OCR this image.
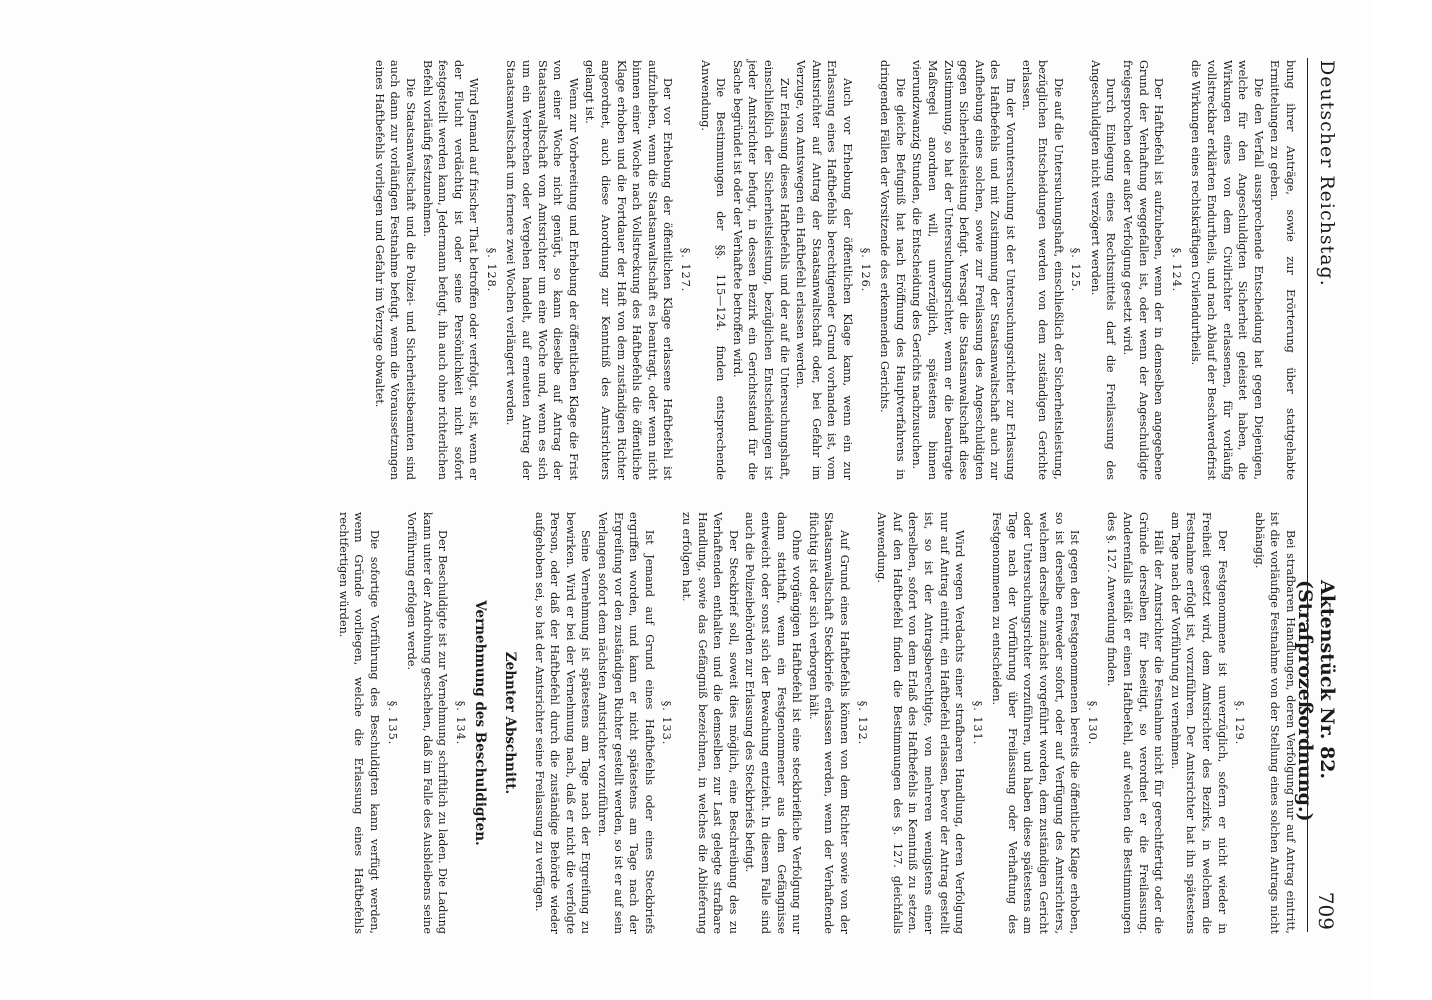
Deutscher Reichstag.
Aktenstück Nr. 82. (Strafprozeßordnung.)
709

bung ihrer Anträge, sowie zur Erörterung über stattgehabte Ermittelungen zu geben.

Die den Verfall aussprechende Entscheidung hat gegen Diejenigen, welche für den Angeschuldigten Sicherheit geleistet haben, die Wirkungen eines von dem Civilrichter erlassenen, für vorläufig vollstreckbar erklärten Endurtheils, und nach Ablauf der Beschwerdefrist die Wirkungen eines rechtskräftigen Civilendurtheils.

§. 124.

Der Haftbefehl ist aufzuheben, wenn der in demselben angegebene Grund der Verhaftung weggefallen ist, oder wenn der Angeschuldigte freigesprochen oder außer Verfolgung gesetzt wird.

Durch Einlegung eines Rechtsmittels darf die Freilassung des Angeschuldigten nicht verzögert werden.

§. 125.

Die auf die Untersuchungshaft, einschließlich der Sicherheitsleistung, bezüglichen Entscheidungen werden von dem zuständigen Gerichte erlassen.

Im der Voruntersuchung ist der Untersuchungsrichter zur Erlassung des Haftbefehls und mit Zustimmung der Staatsanwaltschaft auch zur Aufhebung eines solchen, sowie zur Freilassung des Angeschuldigten gegen Sicherheitsleistung befugt. Versagt die Staatsanwaltschaft diese Zustimmung, so hat der Untersuchungsrichter, wenn er die beantragte Maßregel anordnen will, unverzüglich, spätestens binnen vierundzwanzig Stunden, die Entscheidung des Gerichts nachzusuchen.

Die gleiche Befugniß hat nach Eröffnung des Hauptverfahrens in dringenden Fällen der Vorsitzende des erkennenden Gerichts.

§. 126.

Auch vor Erhebung der öffentlichen Klage kann, wenn ein zur Erlassung eines Haftbefehls berechtigender Grund vorhanden ist, vom Amtsrichter auf Antrag der Staatsanwaltschaft oder, bei Gefahr im Verzuge, von Amtswegen ein Haftbefehl erlassen werden.

Zur Erlassung dieses Haftbefehls und der auf die Untersuchungshaft, einschließlich der Sicherheitsleistung, bezüglichen Entscheidungen ist jeder Amtsrichter befugt, in dessen Bezirk ein Gerichtsstand für die Sache begründet ist oder der Verhaftete betroffen wird.

Die Bestimmungen der §§. 115—124. finden entsprechende Anwendung.

§. 127.

Der vor Erhebung der öffentlichen Klage erlassene Haftbefehl ist aufzuheben, wenn die Staatsanwaltschaft es beantragt, oder wenn nicht binnen einer Woche nach Vollstreckung des Haftbefehls die öffentliche Klage erhoben und die Fortdauer der Haft von dem zuständigen Richter angeordnet, auch diese Anordnung zur Kenntniß des Amtsrichters gelangt ist.

Wenn zur Vorbereitung und Erhebung der öffentlichen Klage die Frist von einer Woche nicht genügt, so kann dieselbe auf Antrag der Staatsanwaltschaft vom Amtsrichter um eine Woche und, wenn es sich um ein Verbrechen oder Vergehen handelt, auf erneuten Antrag der Staatsanwaltschaft um fernere zwei Wochen verlängert werden.

§. 128.

Wird Jemand auf frischer That betroffen oder verfolgt, so ist, wenn er der Flucht verdächtig ist oder seine Persönlichkeit nicht sofort festgestellt werden kann, Jedermann befugt, ihn auch ohne richterlichen Befehl vorläufig festzunehmen.

Die Staatsanwaltschaft und die Polizei- und Sicherheitsbeamten sind auch dann zur vorläufigen Festnahme befugt, wenn die Voraussetzungen eines Haftbefehls vorliegen und Gefahr im Verzuge obwaltet.

Bei strafbaren Handlungen, deren Verfolgung nur auf Antrag eintritt, ist die vorläufige Festnahme von der Stellung eines solchen Antrags nicht abhängig.

§. 129.

Der Festgenommene ist unverzüglich, sofern er nicht wieder in Freiheit gesetzt wird, dem Amtsrichter des Bezirks, in welchem die Festnahme erfolgt ist, vorzuführen. Der Amtsrichter hat ihn spätestens am Tage nach der Vorführung zu vernehmen.

Hält der Amtsrichter die Festnahme nicht für gerechtfertigt oder die Gründe derselben für beseitigt, so verordnet er die Freilassung. Anderenfalls erläßt er einen Haftbefehl, auf welchen die Bestimmungen des §. 127. Anwendung finden.

§. 130.

Ist gegen den Festgenommenen bereits die öffentliche Klage erhoben, so ist derselbe entweder sofort, oder auf Verfügung des Amtsrichters, welchem derselbe zunächst vorgeführt worden, dem zuständigen Gericht oder Untersuchungsrichter vorzuführen, und haben diese spätestens am Tage nach der Vorführung über Freilassung oder Verhaftung des Festgenommenen zu entscheiden.

§. 131.

Wird wegen Verdachts einer strafbaren Handlung, deren Verfolgung nur auf Antrag eintritt, ein Haftbefehl erlassen, bevor der Antrag gestellt ist, so ist der Antragsberechtigte, von mehreren wenigstens einer derselben, sofort von dem Erlaß des Haftbefehls in Kenntniß zu setzen. Auf den Haftbefehl finden die Bestimmungen des §. 127. gleichfalls Anwendung.

§. 132.

Auf Grund eines Haftbefehls können von dem Richter sowie von der Staatsanwaltschaft Steckbriefe erlassen werden, wenn der Verhaftende flüchtig ist oder sich verborgen hält.

Ohne vorgängigen Haftbefehl ist eine steckbriefliche Verfolgung nur dann statthaft, wenn ein Festgenommener aus dem Gefängnisse entweicht oder sonst sich der Bewachung entzieht. In diesem Falle sind auch die Polizeibehörden zur Erlassung des Steckbriefs befugt.

Der Steckbrief soll, soweit dies möglich, eine Beschreibung des zu Verhaftenden enthalten und die demselben zur Last gelegte strafbare Handlung, sowie das Gefängniß bezeichnen, in welches die Ablieferung zu erfolgen hat.

§. 133.

Ist Jemand auf Grund eines Haftbefehls oder eines Steckbriefs ergriffen worden, und kann er nicht spätestens am Tage nach der Ergreifung vor den zuständigen Richter gestellt werden, so ist er auf sein Verlangen sofort dem nächsten Amtsrichter vorzuführen.

Seine Vernehmung ist spätestens am Tage nach der Ergreifung zu bewirken. Wird er bei der Vernehmung nach, daß er nicht die verfolgte Person, oder daß der Haftbefehl durch die zuständige Behörde wieder aufgehoben sei, so hat der Amtsrichter seine Freilassung zu verfügen.

Zehnter Abschnitt.
Vernehmung des Beschuldigten.
§. 134.

Der Beschuldigte ist zur Vernehmung schriftlich zu laden. Die Ladung kann unter der Androhung geschehen, daß im Falle des Ausbleibens seine Vorführung erfolgen werde.

§. 135.

Die sofortige Vorführung des Beschuldigten kann verfügt werden, wenn Gründe vorliegen, welche die Erlassung eines Haftbefehls rechtfertigen würden.
